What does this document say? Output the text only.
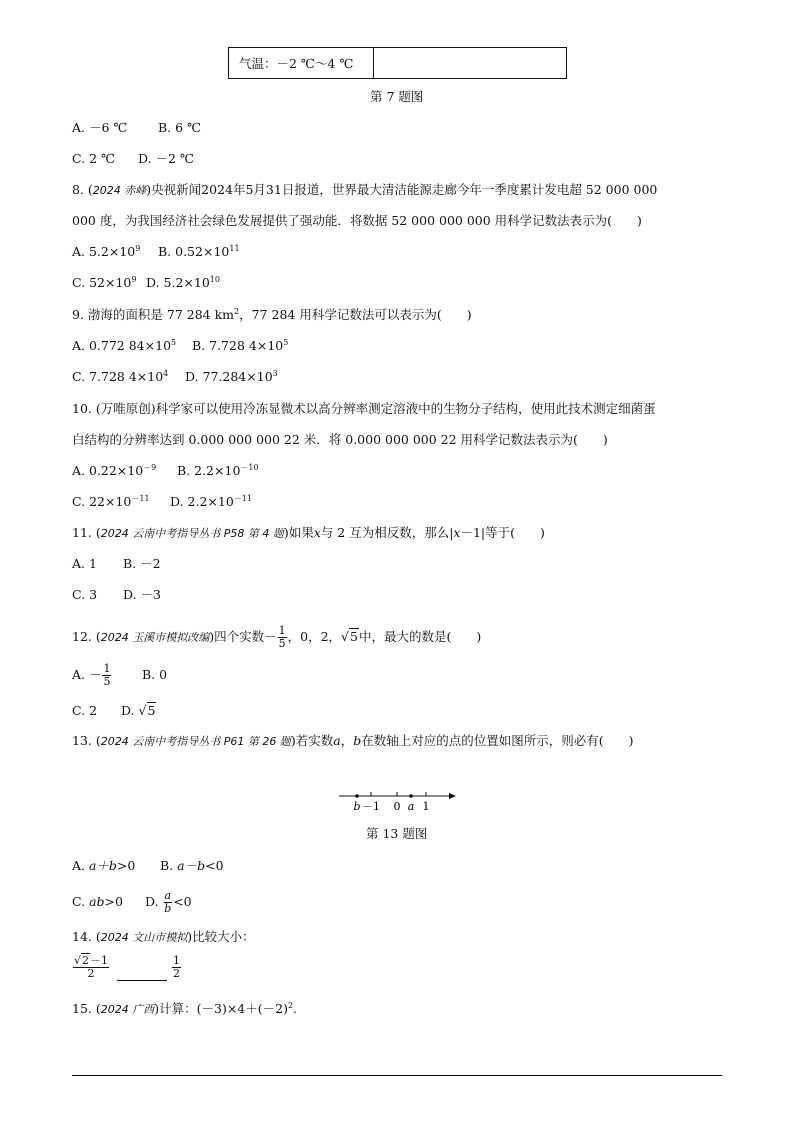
气温：－2 ℃～4 ℃	
第 7 题图
A. －6 ℃ B. 6 ℃
C. 2 ℃ D. －2 ℃
8. (2024 赤峰)央视新闻2024年5月31日报道，世界最大清洁能源走廊今年一季度累计发电超 52 000 000
000 度，为我国经济社会绿色发展提供了强动能．将数据 52 000 000 000 用科学记数法表示为(　　)
A. $5.2\times 10^9$ B. $0.52\times 10^{11}$
C. $52\times 10^9$ D. $5.2\times 10^{10}$
9. 渤海的面积是 77 284 $km^2$，77 284 用科学记数法可以表示为(　　)
A. 0.772 $84\times 10^5$ B. 7.728 $4\times 10^5$
C. 7.728 $4\times 10^4$ D. $77.284\times 10^3$
10. (万唯原创)科学家可以使用冷冻显微术以高分辨率测定溶液中的生物分子结构，使用此技术测定细菌蛋
白结构的分辨率达到 0.000 000 000 22 米．将 0.000 000 000 22 用科学记数法表示为(　　)
A. $0.22\times 10^{-9}$ B. $2.2\times 10^{-10}$
C. $22\times 10^{-11}$ D. $2.2\times 10^{-11}$
11. (2024 云南中考指导丛书 P58 第 4 题)如果x与 2 互为相反数，那么|x－1|等于(　　)
A. 1 B. －2
C. 3 D. －3
12. (2024 玉溪市模拟改编)四个实数－ $\frac{1}{5}$ ，0，2，√5中，最大的数是(　　)
A. － $\frac{1}{5} B$. 0
C. 2 D. √5
13. (2024 云南中考指导丛书 P61 第 26 题)若实数a，b在数轴上对应的点的位置如图所示，则必有(　　)
b －1 0 a 1
第 13 题图
A. a＋b>0 B. a－b<0
C. ab>0 D. $\frac{a}{b} <0$
14. (2024 文山市模拟)比较大小：
$\frac{√2-1}{2}$
	$\frac{1}{2}$
15. (2024 广西)计算：$(-3)\times 4+(-2)^2$.
